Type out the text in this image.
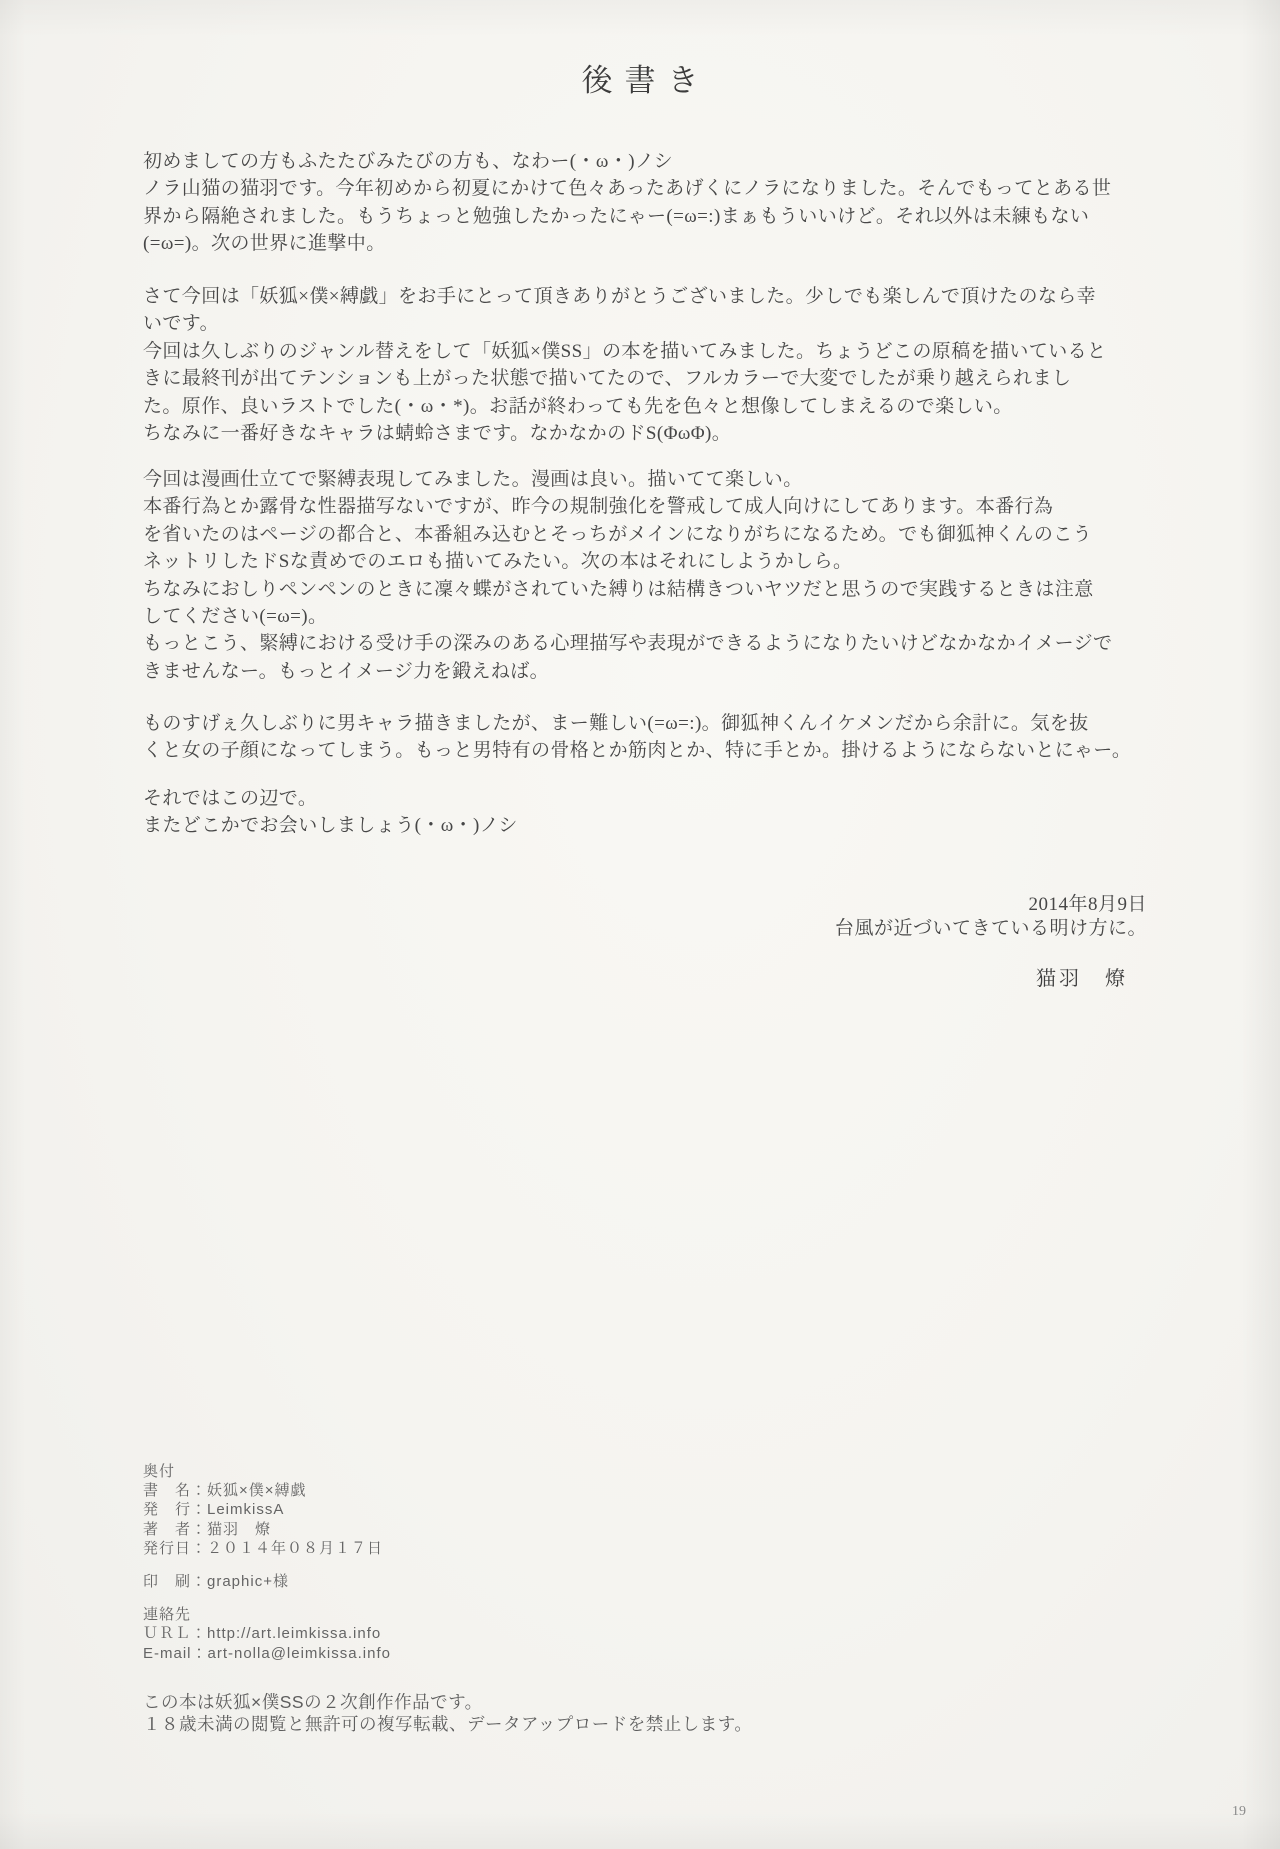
後書き
初めましての方もふたたびみたびの方も、なわー(・ω・)ノシ
ノラ山猫の猫羽です。今年初めから初夏にかけて色々あったあげくにノラになりました。そんでもってとある世
界から隔絶されました。もうちょっと勉強したかったにゃー(=ω=:)まぁもういいけど。それ以外は未練もない
(=ω=)。次の世界に進撃中。
さて今回は「妖狐×僕×縛戯」をお手にとって頂きありがとうございました。少しでも楽しんで頂けたのなら幸
いです。
今回は久しぶりのジャンル替えをして「妖狐×僕SS」の本を描いてみました。ちょうどこの原稿を描いていると
きに最終刊が出てテンションも上がった状態で描いてたので、フルカラーで大変でしたが乗り越えられまし
た。原作、良いラストでした(・ω・*)。お話が終わっても先を色々と想像してしまえるので楽しい。
ちなみに一番好きなキャラは蜻蛉さまです。なかなかのドS(ΦωΦ)。
今回は漫画仕立てで緊縛表現してみました。漫画は良い。描いてて楽しい。
本番行為とか露骨な性器描写ないですが、昨今の規制強化を警戒して成人向けにしてあります。本番行為
を省いたのはページの都合と、本番組み込むとそっちがメインになりがちになるため。でも御狐神くんのこう
ネットリしたドSな責めでのエロも描いてみたい。次の本はそれにしようかしら。
ちなみにおしりペンペンのときに凜々蝶がされていた縛りは結構きついヤツだと思うので実践するときは注意
してください(=ω=)。
もっとこう、緊縛における受け手の深みのある心理描写や表現ができるようになりたいけどなかなかイメージで
きませんなー。もっとイメージ力を鍛えねば。
ものすげぇ久しぶりに男キャラ描きましたが、まー難しい(=ω=:)。御狐神くんイケメンだから余計に。気を抜
くと女の子顔になってしまう。もっと男特有の骨格とか筋肉とか、特に手とか。掛けるようにならないとにゃー。
それではこの辺で。
またどこかでお会いしましょう(・ω・)ノシ
2014年8月9日
台風が近づいてきている明け方に。
猫羽　燎
奥付
書　名：妖狐×僕×縛戯
発　行：LeimkissA
著　者：猫羽　燎
発行日：２０１４年０８月１７日
印　刷：graphic+様
連絡先
ＵＲＬ：http://art.leimkissa.info
E-mail：art-nolla@leimkissa.info
この本は妖狐×僕SSの２次創作作品です。
１８歳未満の閲覧と無許可の複写転載、データアップロードを禁止します。
19
